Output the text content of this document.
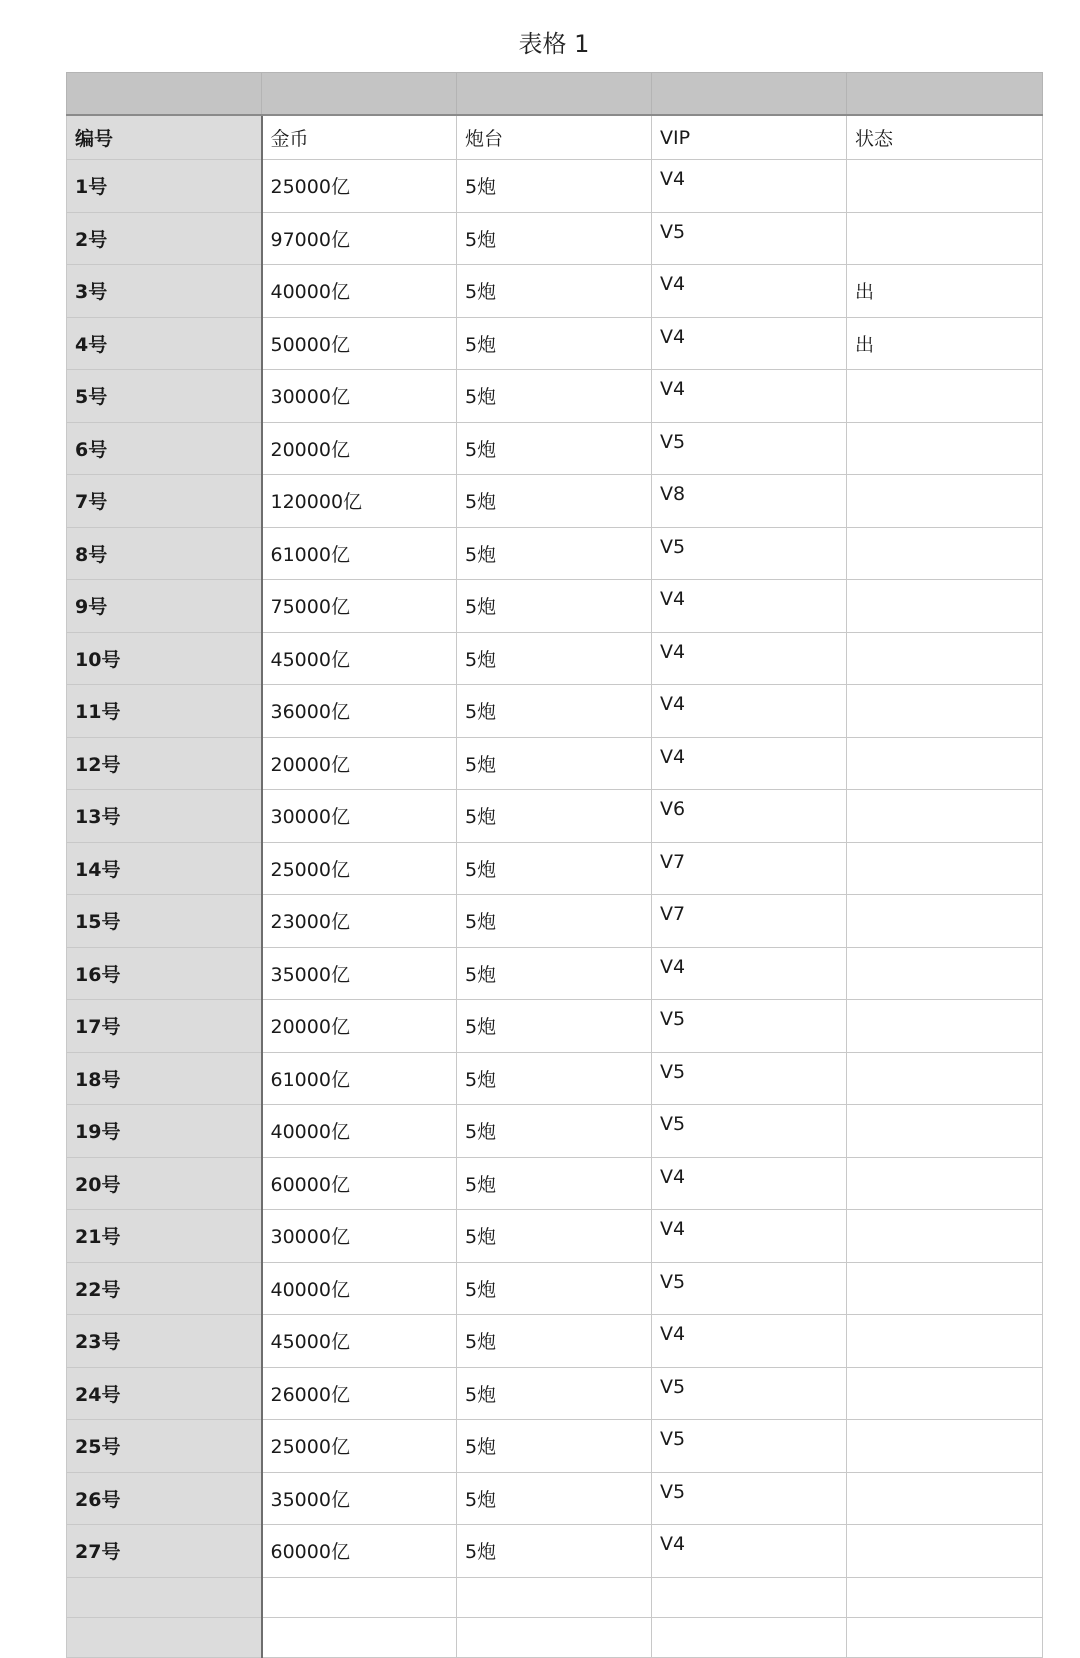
表格 1

编号	金币	炮台	VIP	状态
1号	25000亿	5炮	V4	
2号	97000亿	5炮	V5	
3号	40000亿	5炮	V4	出
4号	50000亿	5炮	V4	出
5号	30000亿	5炮	V4	
6号	20000亿	5炮	V5	
7号	120000亿	5炮	V8	
8号	61000亿	5炮	V5	
9号	75000亿	5炮	V4	
10号	45000亿	5炮	V4	
11号	36000亿	5炮	V4	
12号	20000亿	5炮	V4	
13号	30000亿	5炮	V6	
14号	25000亿	5炮	V7	
15号	23000亿	5炮	V7	
16号	35000亿	5炮	V4	
17号	20000亿	5炮	V5	
18号	61000亿	5炮	V5	
19号	40000亿	5炮	V5	
20号	60000亿	5炮	V4	
21号	30000亿	5炮	V4	
22号	40000亿	5炮	V5	
23号	45000亿	5炮	V4	
24号	26000亿	5炮	V5	
25号	25000亿	5炮	V5	
26号	35000亿	5炮	V5	
27号	60000亿	5炮	V4	
